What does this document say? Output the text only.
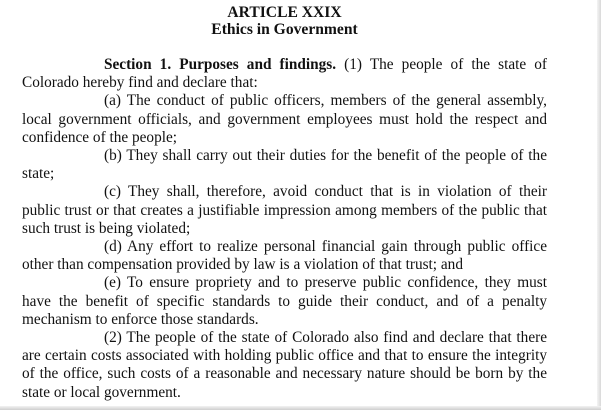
ARTICLE XXIX
Ethics in Government

Section 1. Purposes and findings. (1) The people of the state of Colorado hereby find and declare that:

(a) The conduct of public officers, members of the general assembly, local government officials, and government employees must hold the respect and confidence of the people;

(b) They shall carry out their duties for the benefit of the people of the state;

(c) They shall, therefore, avoid conduct that is in violation of their public trust or that creates a justifiable impression among members of the public that such trust is being violated;

(d) Any effort to realize personal financial gain through public office other than compensation provided by law is a violation of that trust; and

(e) To ensure propriety and to preserve public confidence, they must have the benefit of specific standards to guide their conduct, and of a penalty mechanism to enforce those standards.

(2) The people of the state of Colorado also find and declare that there are certain costs associated with holding public office and that to ensure the integrity of the office, such costs of a reasonable and necessary nature should be born by the state or local government.
